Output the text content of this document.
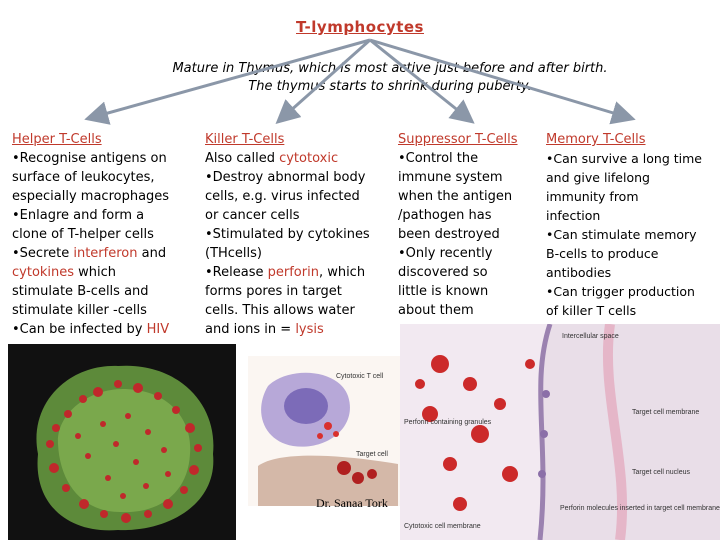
T-lymphocytes
Mature in Thymus, which is most active just before and after birth.
The thymus starts to shrink during puberty.
Helper T-Cells

•Recognise antigens on

surface of leukocytes,

especially macrophages

•Enlagre and form a

clone of T-helper cells

•Secrete interferon and

cytokines which

stimulate B-cells and

stimulate killer -cells

•Can be infected by HIV

Killer T-Cells

Also called cytotoxic

•Destroy abnormal body

cells, e.g. virus infected

or cancer cells

•Stimulated by cytokines

(THcells)

•Release perforin, which

forms pores in target

cells. This allows water

and ions in = lysis

Suppressor T-Cells

•Control the

immune system

when the antigen

/pathogen has

been destroyed

•Only recently

discovered so

little is known

about them

Memory T-Cells

•Can survive a long time

and give lifelong

immunity from

infection

•Can stimulate memory

B-cells to produce

antibodies

•Can trigger production

of killer T cells

Cytotoxic T cell
Target cell
Intercellular space
Target cell membrane
Target cell nucleus
Perforin containing granules
Perforin molecules inserted in target cell membrane
Cytotoxic cell membrane
Dr. Sanaa Tork
